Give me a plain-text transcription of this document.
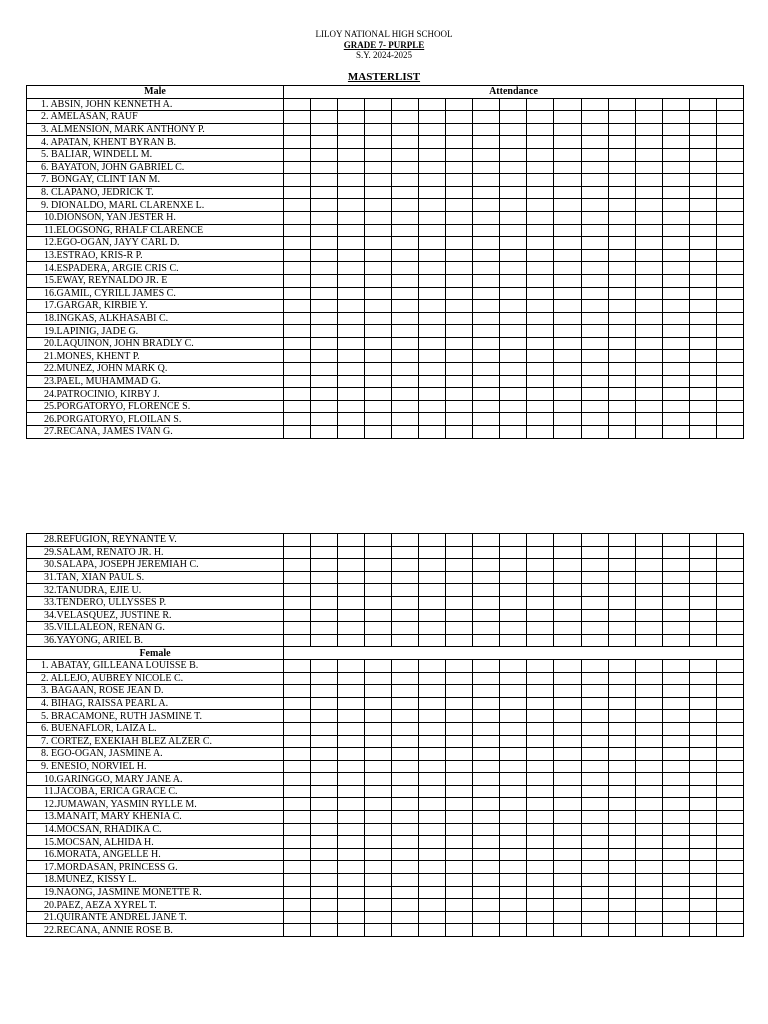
LILOY NATIONAL HIGH SCHOOL
GRADE 7- PURPLE
S.Y. 2024-2025
MASTERLIST
Male	Attendance																
1. ABSIN, JOHN KENNETH A.																	
2. AMELASAN, RAUF																	
3. ALMENSION, MARK ANTHONY P.																	
4. APATAN, KHENT BYRAN B.																	
5. BALIAR, WINDELL M.																	
6. BAYATON, JOHN GABRIEL C.																	
7. BONGAY, CLINT IAN M.																	
8. CLAPANO, JEDRICK T.																	
9. DIONALDO, MARL CLARENXE L.																	
10.DIONSON, YAN JESTER H.																	
11.ELOGSONG, RHALF CLARENCE																	
12.EGO-OGAN, JAYY CARL D.																	
13.ESTRAO, KRIS-R P.																	
14.ESPADERA, ARGIE CRIS C.																	
15.EWAY, REYNALDO JR. E																	
16.GAMIL, CYRILL JAMES C.																	
17.GARGAR, KIRBIE Y.																	
18.INGKAS, ALKHASABI C.																	
19.LAPINIG, JADE G.																	
20.LAQUINON, JOHN BRADLY C.																	
21.MONES, KHENT P.																	
22.MUNEZ, JOHN MARK Q.																	
23.PAEL, MUHAMMAD G.																	
24.PATROCINIO, KIRBY J.																	
25.PORGATORYO, FLORENCE S.																	
26.PORGATORYO, FLOILAN S.																	
27.RECANA, JAMES IVAN G.																	
28.REFUGION, REYNANTE V.																	
29.SALAM, RENATO JR. H.																	
30.SALAPA, JOSEPH JEREMIAH C.																	
31.TAN, XIAN PAUL S.																	
32.TANUDRA, EJIE U.																	
33.TENDERO, ULLYSSES P.																	
34.VELASQUEZ, JUSTINE R.																	
35.VILLALEON, RENAN G.																	
36.YAYONG, ARIEL B.																	
Female																	
1. ABATAY, GILLEANA LOUISSE B.																	
2. ALLEJO, AUBREY NICOLE C.																	
3. BAGAAN, ROSE JEAN D.																	
4. BIHAG, RAISSA PEARL A.																	
5. BRACAMONE, RUTH JASMINE T.																	
6. BUENAFLOR, LAIZA L.																	
7. CORTEZ, EXEKIAH BLEZ ALZER C.																	
8. EGO-OGAN, JASMINE A.																	
9. ENESIO, NORVIEL H.																	
10.GARINGGO, MARY JANE A.																	
11.JACOBA, ERICA GRACE C.																	
12.JUMAWAN, YASMIN RYLLE M.																	
13.MANAIT, MARY KHENIA C.																	
14.MOCSAN, RHADIKA C.																	
15.MOCSAN, ALHIDA H.																	
16.MORATA, ANGELLE H.																	
17.MORDASAN, PRINCESS G.																	
18.MUNEZ, KISSY L.																	
19.NAONG, JASMINE MONETTE R.																	
20.PAEZ, AEZA XYREL T.																	
21.QUIRANTE ANDREL JANE T.																	
22.RECANA, ANNIE ROSE B.																	
